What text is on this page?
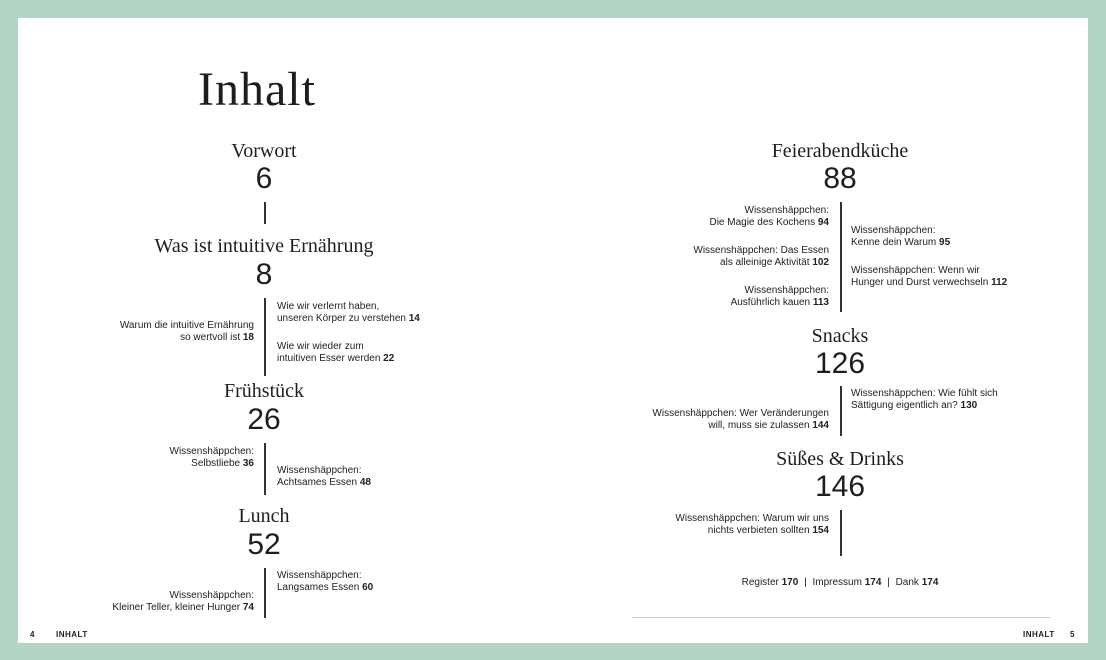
Inhalt
Vorwort
6
Was ist intuitive Ernährung
8
Warum die intuitive Ernährung
so wertvoll ist 18
Wie wir verlernt haben,
unseren Körper zu verstehen 14
Wie wir wieder zum
intuitiven Esser werden 22
Frühstück
26
Wissenshäppchen:
Selbstliebe 36
Wissenshäppchen:
Achtsames Essen 48
Lunch
52
Wissenshäppchen:
Kleiner Teller, kleiner Hunger 74
Wissenshäppchen:
Langsames Essen 60
Feierabendküche
88
Wissenshäppchen:
Die Magie des Kochens 94
Wissenshäppchen: Das Essen
als alleinige Aktivität 102
Wissenshäppchen:
Ausführlich kauen 113
Wissenshäppchen:
Kenne dein Warum 95
Wissenshäppchen: Wenn wir
Hunger und Durst verwechseln 112
Snacks
126
Wissenshäppchen: Wer Veränderungen
will, muss sie zulassen 144
Wissenshäppchen: Wie fühlt sich
Sättigung eigentlich an? 130
Süßes & Drinks
146
Wissenshäppchen: Warum wir uns
nichts verbieten sollten 154
Register 170 | Impressum 174 | Dank 174
4	INHALT	INHALT 5
